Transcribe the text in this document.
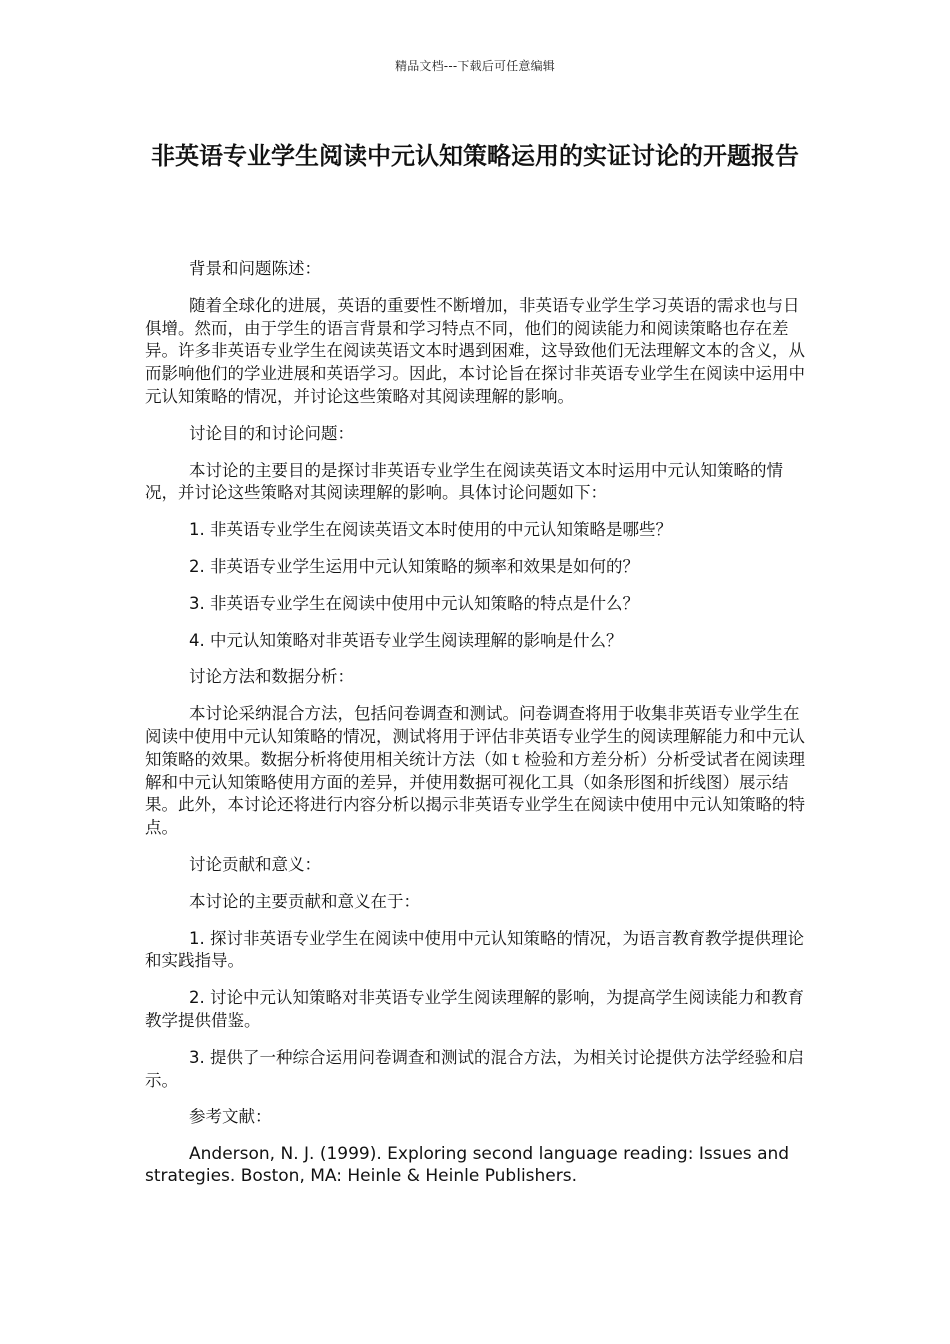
精品文档---下载后可任意编辑
非英语专业学生阅读中元认知策略运用的实证讨论的开题报告

背景和问题陈述：

随着全球化的进展，英语的重要性不断增加，非英语专业学生学习英语的需求也与日俱增。然而，由于学生的语言背景和学习特点不同，他们的阅读能力和阅读策略也存在差异。许多非英语专业学生在阅读英语文本时遇到困难，这导致他们无法理解文本的含义，从而影响他们的学业进展和英语学习。因此，本讨论旨在探讨非英语专业学生在阅读中运用中元认知策略的情况，并讨论这些策略对其阅读理解的影响。

讨论目的和讨论问题：

本讨论的主要目的是探讨非英语专业学生在阅读英语文本时运用中元认知策略的情况，并讨论这些策略对其阅读理解的影响。具体讨论问题如下：

1. 非英语专业学生在阅读英语文本时使用的中元认知策略是哪些？

2. 非英语专业学生运用中元认知策略的频率和效果是如何的？

3. 非英语专业学生在阅读中使用中元认知策略的特点是什么？

4. 中元认知策略对非英语专业学生阅读理解的影响是什么？

讨论方法和数据分析：

本讨论采纳混合方法，包括问卷调查和测试。问卷调查将用于收集非英语专业学生在阅读中使用中元认知策略的情况，测试将用于评估非英语专业学生的阅读理解能力和中元认知策略的效果。数据分析将使用相关统计方法（如ｔ检验和方差分析）分析受试者在阅读理解和中元认知策略使用方面的差异，并使用数据可视化工具（如条形图和折线图）展示结果。此外，本讨论还将进行内容分析以揭示非英语专业学生在阅读中使用中元认知策略的特点。

讨论贡献和意义：

本讨论的主要贡献和意义在于：

1. 探讨非英语专业学生在阅读中使用中元认知策略的情况，为语言教育教学提供理论和实践指导。

2. 讨论中元认知策略对非英语专业学生阅读理解的影响，为提高学生阅读能力和教育教学提供借鉴。

3. 提供了一种综合运用问卷调查和测试的混合方法，为相关讨论提供方法学经验和启示。

参考文献：

Anderson, N. J. (1999). Exploring second language reading: Issues and strategies. Boston, MA: Heinle & Heinle Publishers.
